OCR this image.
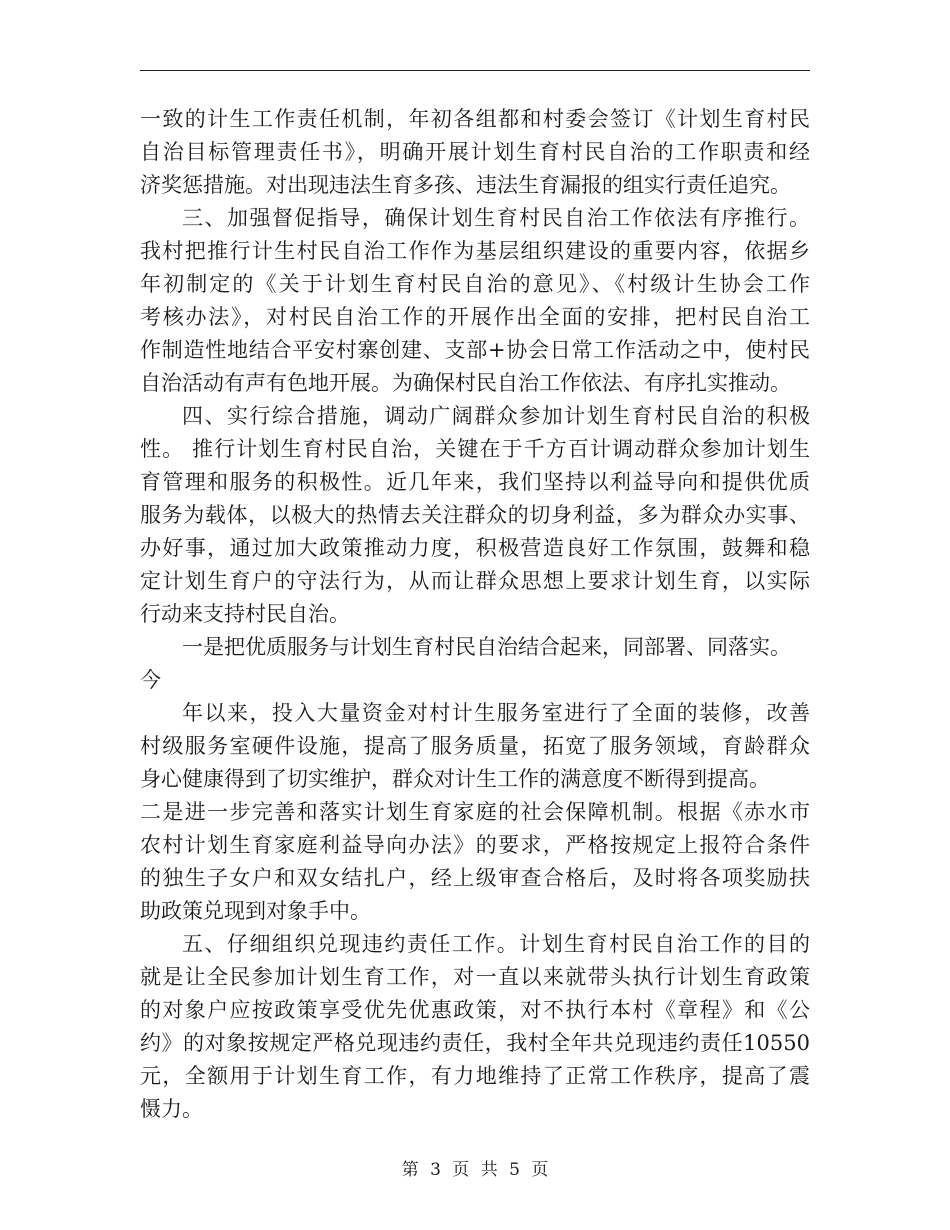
一致的计生工作责任机制，年初各组都和村委会签订《计划生育村民
自治目标管理责任书》，明确开展计划生育村民自治的工作职责和经
济奖惩措施。对出现违法生育多孩、违法生育漏报的组实行责任追究。
三、加强督促指导，确保计划生育村民自治工作依法有序推行。
我村把推行计生村民自治工作作为基层组织建设的重要内容，依据乡
年初制定的《关于计划生育村民自治的意见》、《村级计生协会工作
考核办法》，对村民自治工作的开展作出全面的安排，把村民自治工
作制造性地结合平安村寨创建、支部+协会日常工作活动之中，使村民
自治活动有声有色地开展。为确保村民自治工作依法、有序扎实推动。
四、实行综合措施，调动广阔群众参加计划生育村民自治的积极
性。 推行计划生育村民自治，关键在于千方百计调动群众参加计划生
育管理和服务的积极性。近几年来，我们坚持以利益导向和提供优质
服务为载体，以极大的热情去关注群众的切身利益，多为群众办实事、
办好事，通过加大政策推动力度，积极营造良好工作氛围，鼓舞和稳
定计划生育户的守法行为，从而让群众思想上要求计划生育，以实际
行动来支持村民自治。
一是把优质服务与计划生育村民自治结合起来，同部署、同落实。
今
年以来，投入大量资金对村计生服务室进行了全面的装修，改善
村级服务室硬件设施，提高了服务质量，拓宽了服务领域，育龄群众
身心健康得到了切实维护，群众对计生工作的满意度不断得到提高。
二是进一步完善和落实计划生育家庭的社会保障机制。根据《赤水市
农村计划生育家庭利益导向办法》的要求，严格按规定上报符合条件
的独生子女户和双女结扎户，经上级审查合格后，及时将各项奖励扶
助政策兑现到对象手中。
五、仔细组织兑现违约责任工作。计划生育村民自治工作的目的
就是让全民参加计划生育工作，对一直以来就带头执行计划生育政策
的对象户应按政策享受优先优惠政策，对不执行本村《章程》和《公
约》的对象按规定严格兑现违约责任，我村全年共兑现违约责任10550
元，全额用于计划生育工作，有力地维持了正常工作秩序，提高了震
慑力。
第 3 页 共 5 页
